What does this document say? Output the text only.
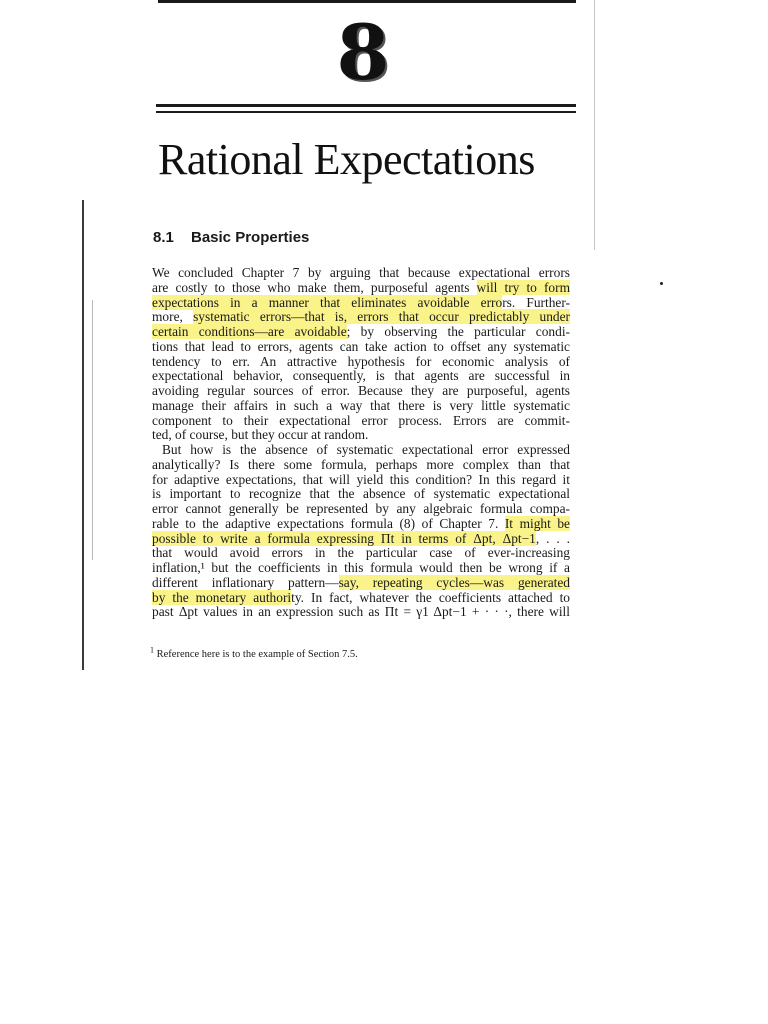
8
Rational Expectations
8.1 Basic Properties
We concluded Chapter 7 by arguing that because expectational errors
are costly to those who make them, purposeful agents will try to form
expectations in a manner that eliminates avoidable errors. Further-
more, systematic errors—that is, errors that occur predictably under
certain conditions—are avoidable; by observing the particular condi-
tions that lead to errors, agents can take action to offset any systematic
tendency to err. An attractive hypothesis for economic analysis of
expectational behavior, consequently, is that agents are successful in
avoiding regular sources of error. Because they are purposeful, agents
manage their affairs in such a way that there is very little systematic
component to their expectational error process. Errors are commit-
ted, of course, but they occur at random.
But how is the absence of systematic expectational error expressed
analytically? Is there some formula, perhaps more complex than that
for adaptive expectations, that will yield this condition? In this regard it
is important to recognize that the absence of systematic expectational
error cannot generally be represented by any algebraic formula compa-
rable to the adaptive expectations formula (8) of Chapter 7. It might be
possible to write a formula expressing Πt in terms of Δpt, Δpt−1, . . .
that would avoid errors in the particular case of ever-increasing
inflation,¹ but the coefficients in this formula would then be wrong if a
different inflationary pattern—say, repeating cycles—was generated
by the monetary authority. In fact, whatever the coefficients attached to
past Δpt values in an expression such as Πt = γ1 Δpt−1 + · · ·, there will
$^1$ Reference here is to the example of Section 7.5.
